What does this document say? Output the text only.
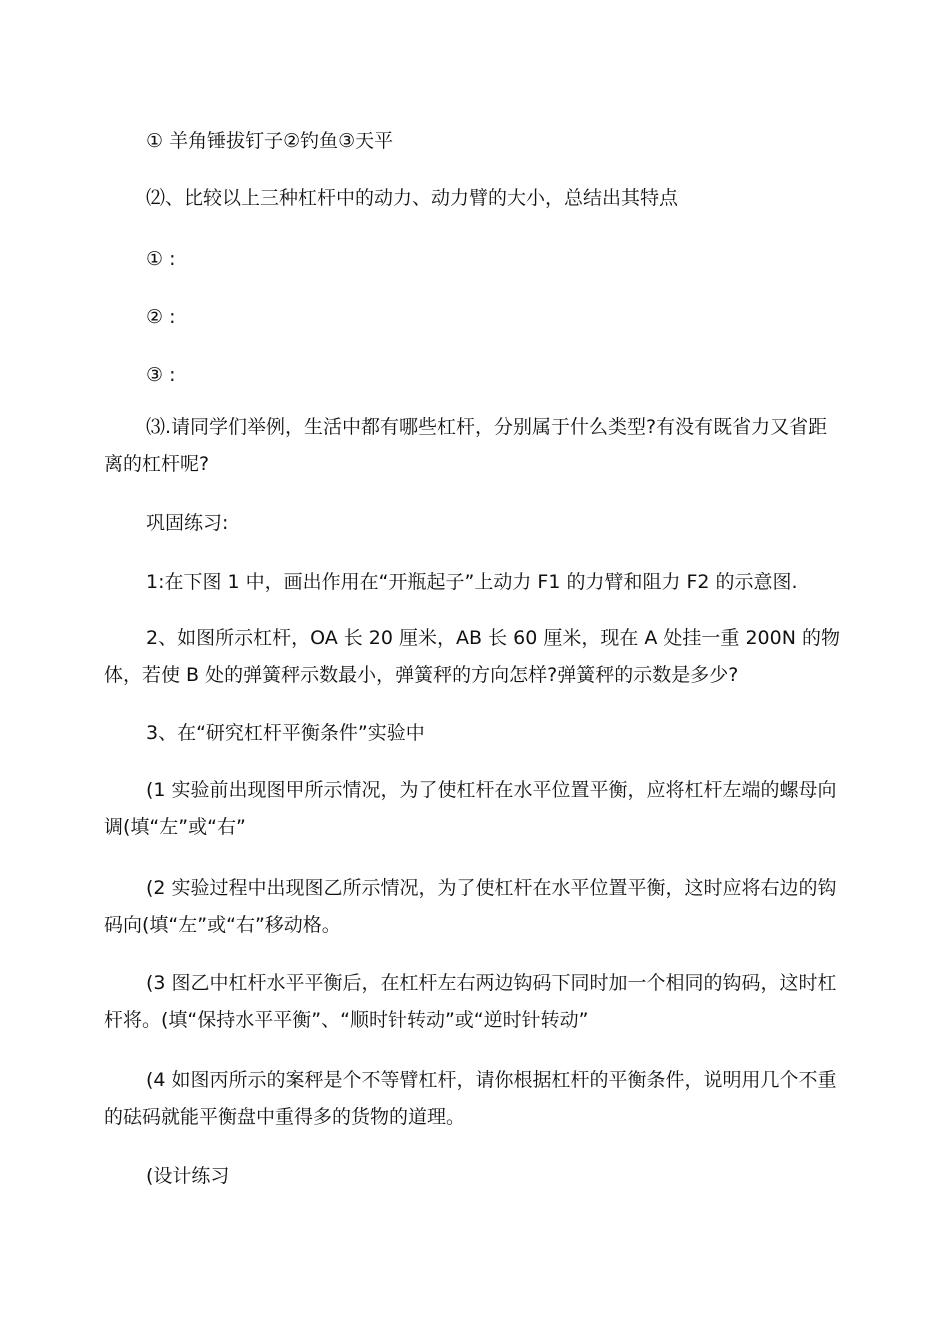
① 羊角锤拔钉子②钓鱼③天平

⑵、比较以上三种杠杆中的动力、动力臂的大小，总结出其特点

① :

② :

③ :

⑶.请同学们举例，生活中都有哪些杠杆，分别属于什么类型?有没有既省力又省距离的杠杆呢?

巩固练习:

1:在下图 1 中，画出作用在“开瓶起子”上动力 F1 的力臂和阻力 F2 的示意图.

2、如图所示杠杆，OA 长 20 厘米，AB 长 60 厘米，现在 A 处挂一重 200N 的物体，若使 B 处的弹簧秤示数最小，弹簧秤的方向怎样?弹簧秤的示数是多少?

3、在“研究杠杆平衡条件”实验中

(1 实验前出现图甲所示情况，为了使杠杆在水平位置平衡，应将杠杆左端的螺母向调(填“左”或“右”

(2 实验过程中出现图乙所示情况，为了使杠杆在水平位置平衡，这时应将右边的钩码向(填“左”或“右”移动格。

(3 图乙中杠杆水平平衡后，在杠杆左右两边钩码下同时加一个相同的钩码，这时杠杆将。(填“保持水平平衡”、“顺时针转动”或“逆时针转动”

(4 如图丙所示的案秤是个不等臂杠杆，请你根据杠杆的平衡条件，说明用几个不重的砝码就能平衡盘中重得多的货物的道理。

(设计练习
